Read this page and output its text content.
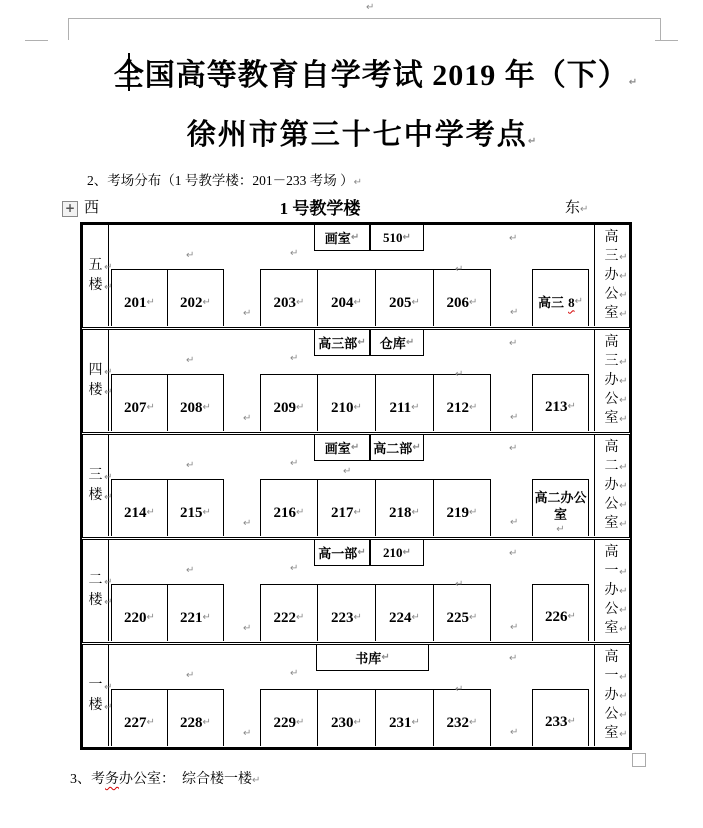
↵
全国高等教育自学考试 2019 年（下）↵
徐州市第三十七中学考点↵
2、考场分布（1 号教学楼：201－233 考场 ）↵
+ 西	1 号教学楼	东↵
五 ↵
楼 ↵
画室 ↵ 510 ↵
201 ↵ 202 ↵	203 ↵ 204 ↵ 205 ↵ 206 ↵	高三 8 ↵
高
三 ↵
办 ↵
公 ↵
室 ↵
↵	↵
↵
↵
↵	↵
四 ↵
楼 ↵
高三部 ↵ 仓库 ↵
207 ↵ 208 ↵	209 ↵ 210 ↵ 211 ↵ 212 ↵	213 ↵
高
三 ↵
办 ↵
公 ↵
室 ↵
↵	↵
↵
↵
↵	↵
三 ↵
楼 ↵
画室 ↵ 高二部 ↵
214 ↵ 215 ↵	216 ↵ 217 ↵ 218 ↵ 219 ↵
高二办公室
↵
高
二 ↵
办 ↵
公 ↵
室 ↵
↵	↵
↵
↵
↵	↵
二 ↵
楼 ↵
高一部 ↵ 210 ↵
220 ↵ 221 ↵	222 ↵ 223 ↵ 224 ↵ 225 ↵	226 ↵
高
一 ↵
办 ↵
公 ↵
室 ↵
↵	↵
↵
↵
↵	↵
一 ↵
楼 ↵
书库 ↵
227 ↵ 228 ↵	229 ↵ 230 ↵ 231 ↵ 232 ↵	233 ↵
高
一 ↵
办 ↵
公 ↵
室 ↵
↵	↵
↵
↵
↵	↵
3、考务办公室：  综合楼一楼↵
